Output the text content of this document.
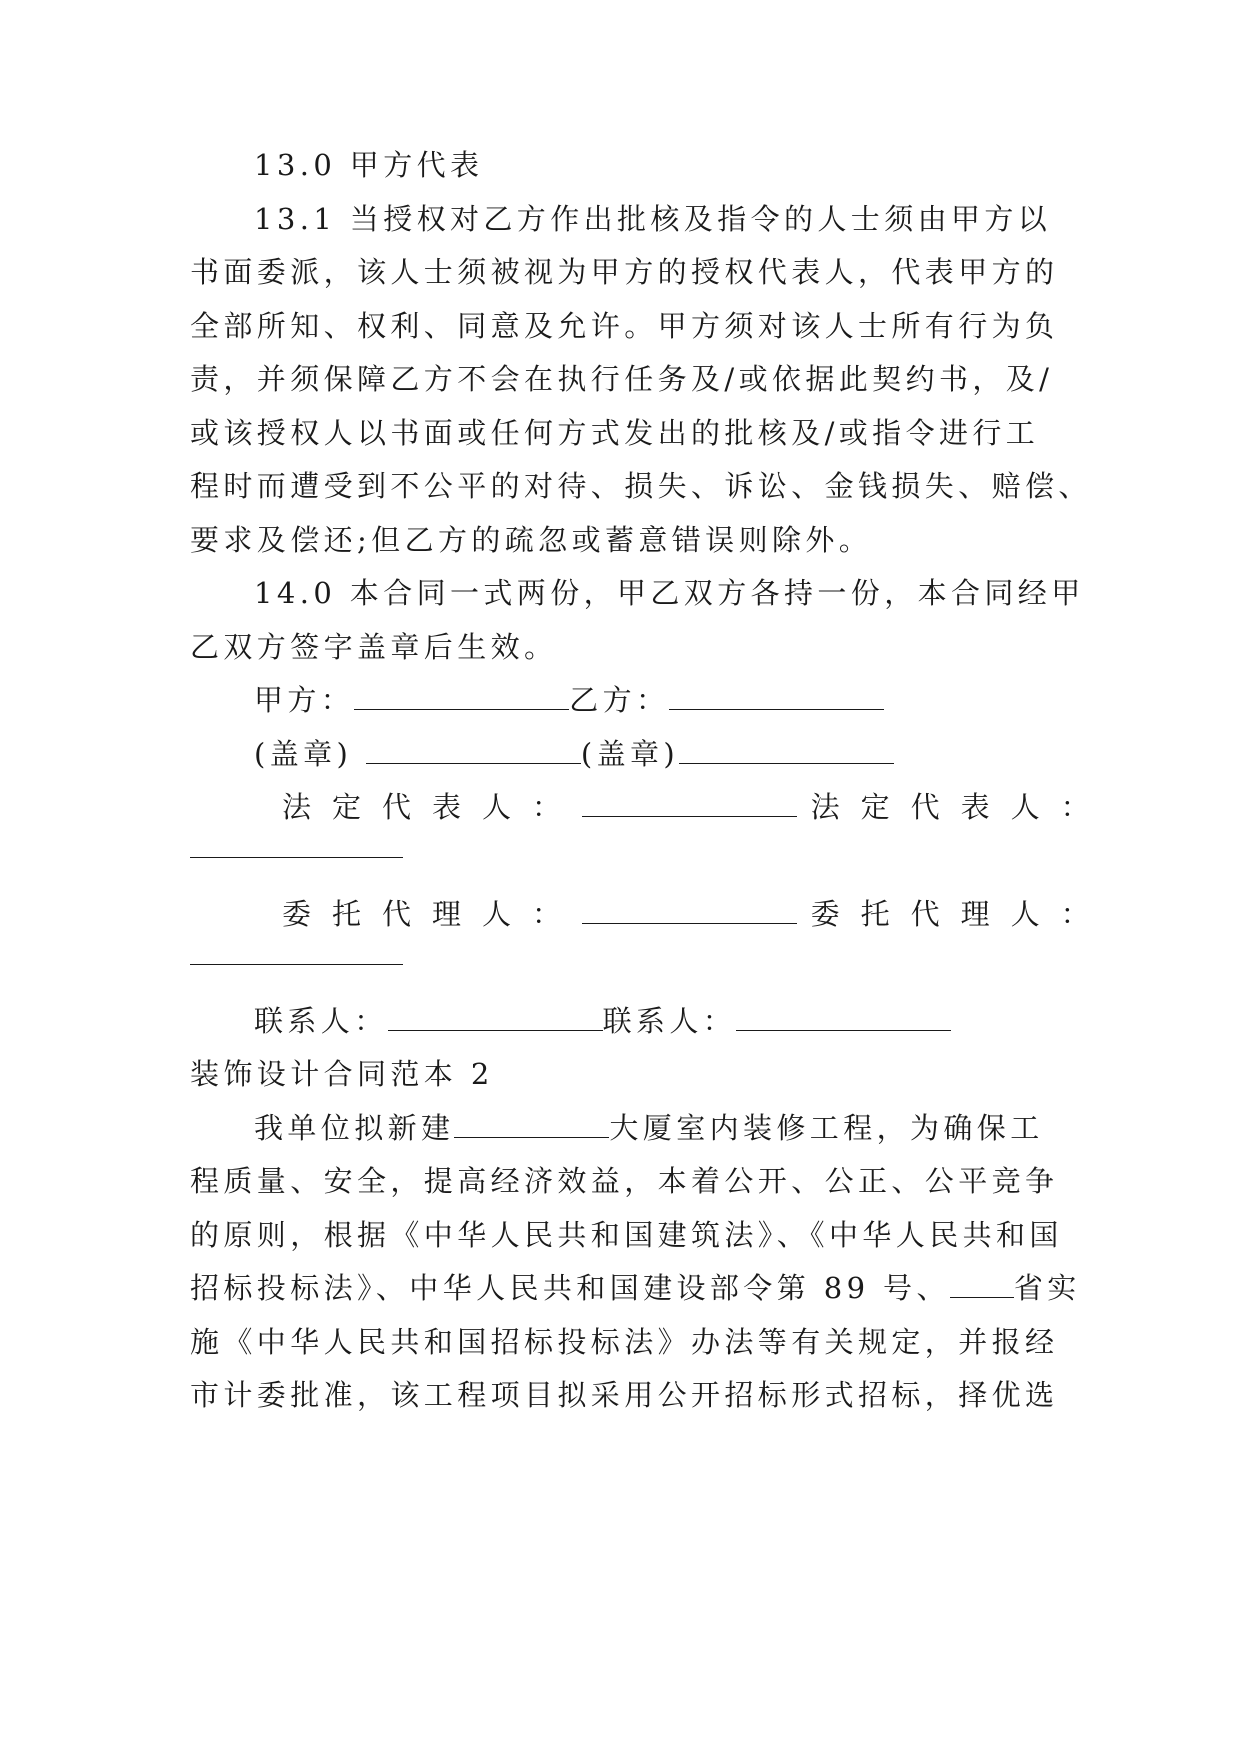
13.0 甲方代表
13.1 当授权对乙方作出批核及指令的人士须由甲方以
书面委派，该人士须被视为甲方的授权代表人，代表甲方的
全部所知、权利、同意及允许。甲方须对该人士所有行为负
责，并须保障乙方不会在执行任务及/或依据此契约书，及/
或该授权人以书面或任何方式发出的批核及/或指令进行工
程时而遭受到不公平的对待、损失、诉讼、金钱损失、赔偿、
要求及偿还;但乙方的疏忽或蓄意错误则除外。
14.0 本合同一式两份，甲乙双方各持一份，本合同经甲
乙双方签字盖章后生效。
甲方：	乙方：
(盖章)	(盖章)
法定代表人：	法定代表人：
委托代理人：	委托代理人：
联系人：	联系人：
装饰设计合同范本 2
我单位拟新建	大厦室内装修工程，为确保工
程质量、安全，提高经济效益，本着公开、公正、公平竞争
的原则，根据《中华人民共和国建筑法》、《中华人民共和国
招标投标法》、中华人民共和国建设部令第 89 号、 省实
施《中华人民共和国招标投标法》办法等有关规定，并报经
市计委批准，该工程项目拟采用公开招标形式招标，择优选
